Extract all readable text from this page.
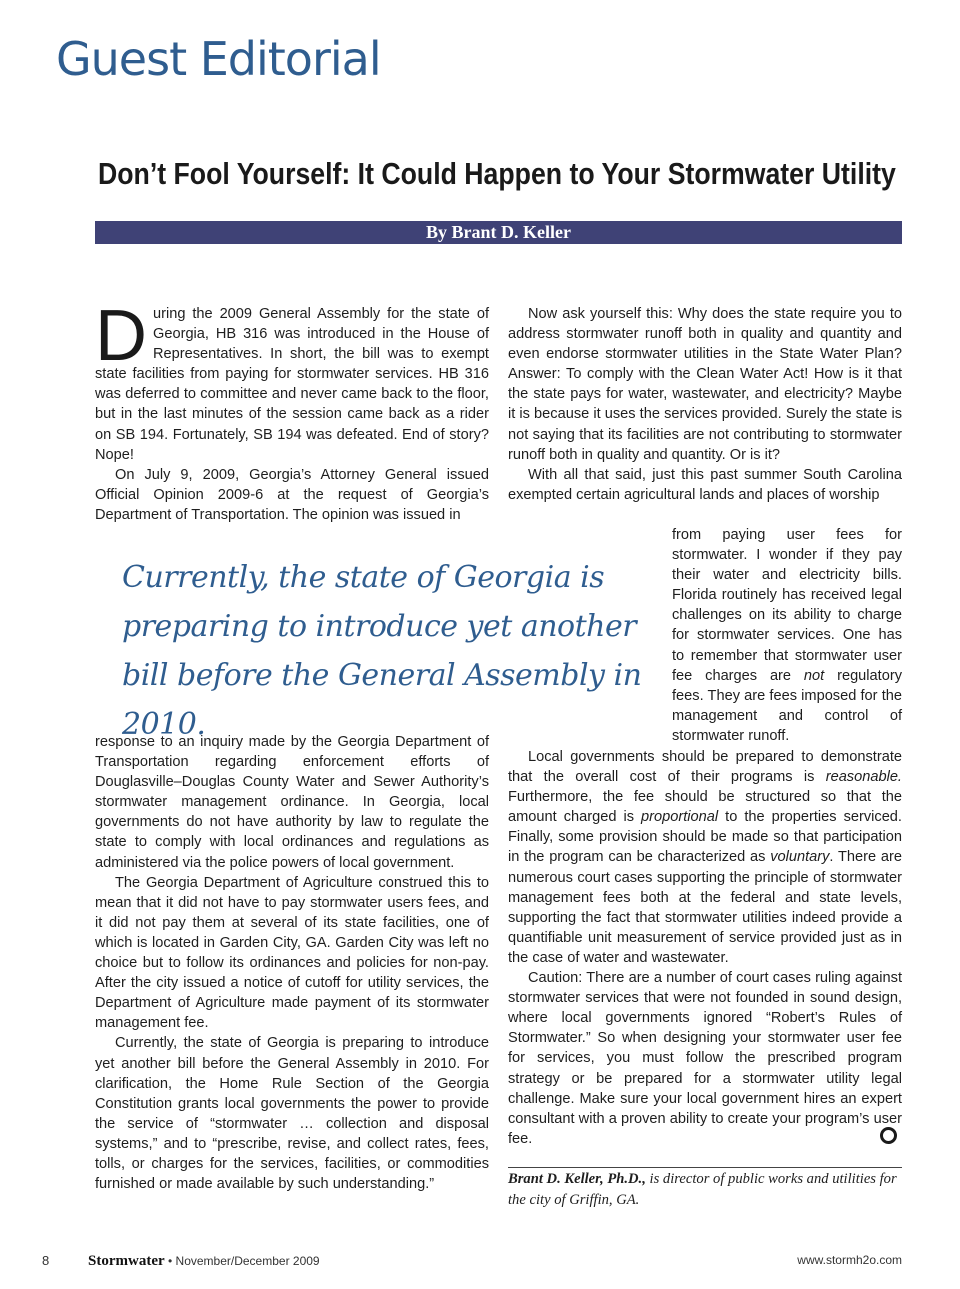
Guest Editorial
Don’t Fool Yourself: It Could Happen to Your Stormwater Utility
By Brant D. Keller

During the 2009 General Assembly for the state of Georgia, HB 316 was introduced in the House of Representatives. In short, the bill was to exempt state facilities from paying for stormwater services. HB 316 was deferred to committee and never came back to the floor, but in the last minutes of the session came back as a rider on SB 194. Fortunately, SB 194 was defeated. End of story? Nope!

On July 9, 2009, Georgia’s Attorney General issued Official Opinion 2009-6 at the request of Georgia’s Department of Transportation. The opinion was issued in

Currently, the state of Georgia is preparing to introduce yet another bill before the General Assembly in 2010.

response to an inquiry made by the Georgia Department of Transportation regarding enforcement efforts of Douglasville–Douglas County Water and Sewer Authority’s stormwater management ordinance. In Georgia, local governments do not have authority by law to regulate the state to comply with local ordinances and regulations as administered via the police powers of local government.

The Georgia Department of Agriculture construed this to mean that it did not have to pay stormwater users fees, and it did not pay them at several of its state facilities, one of which is located in Garden City, GA. Garden City was left no choice but to follow its ordinances and policies for non-pay. After the city issued a notice of cutoff for utility services, the Department of Agriculture made payment of its stormwater management fee.

Currently, the state of Georgia is preparing to introduce yet another bill before the General Assembly in 2010. For clarification, the Home Rule Section of the Georgia Constitution grants local governments the power to provide the service of “stormwater … collection and disposal systems,” and to “prescribe, revise, and collect rates, fees, tolls, or charges for the services, facilities, or commodities furnished or made available by such understanding.”

Now ask yourself this: Why does the state require you to address stormwater runoff both in quality and quantity and even endorse stormwater utilities in the State Water Plan? Answer: To comply with the Clean Water Act! How is it that the state pays for water, wastewater, and electricity? Maybe it is because it uses the services provided. Surely the state is not saying that its facilities are not contributing to stormwater runoff both in quality and quantity. Or is it?

With all that said, just this past summer South Carolina exempted certain agricultural lands and places of worship

from paying user fees for stormwater. I wonder if they pay their water and electricity bills. Florida routinely has received legal challenges on its ability to charge for stormwater services. One has to remember that stormwater user fee charges are not regulatory fees. They are fees imposed for the management and control of stormwater runoff.

Local governments should be prepared to demonstrate that the overall cost of their programs is reasonable. Furthermore, the fee should be structured so that the amount charged is proportional to the properties serviced. Finally, some provision should be made so that participation in the program can be characterized as voluntary. There are numerous court cases supporting the principle of stormwater management fees both at the federal and state levels, supporting the fact that stormwater utilities indeed provide a quantifiable unit measurement of service provided just as in the case of water and wastewater.

Caution: There are a number of court cases ruling against stormwater services that were not founded in sound design, where local governments ignored “Robert’s Rules of Stormwater.” So when designing your stormwater user fee for services, you must follow the prescribed program strategy or be prepared for a stormwater utility legal challenge. Make sure your local government hires an expert consultant with a proven ability to create your program’s user fee.

Brant D. Keller, Ph.D., is director of public works and utilities for the city of Griffin, GA.

8	Stormwater • November/December 2009	www.stormh2o.com
